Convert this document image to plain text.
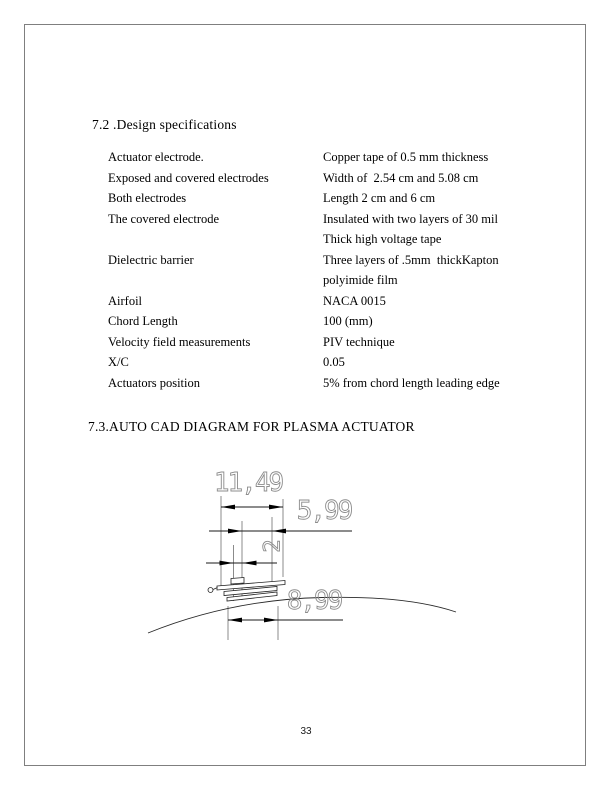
7.2 .Design specifications
Actuator electrode.	Copper tape of 0.5 mm thickness
Exposed and covered electrodes	Width of  2.54 cm and 5.08 cm
Both electrodes	Length 2 cm and 6 cm
The covered electrode	Insulated with two layers of 30 mil
Thick high voltage tape
Dielectric barrier	Three layers of .5mm  thickKapton
polyimide film
Airfoil	NACA 0015
Chord Length	100 (mm)
Velocity field measurements	PIV technique
X/C	0.05
Actuators position	5% from chord length leading edge
7.3.AUTO CAD DIAGRAM FOR PLASMA ACTUATOR
11,49
5,99
2
8,99
33
